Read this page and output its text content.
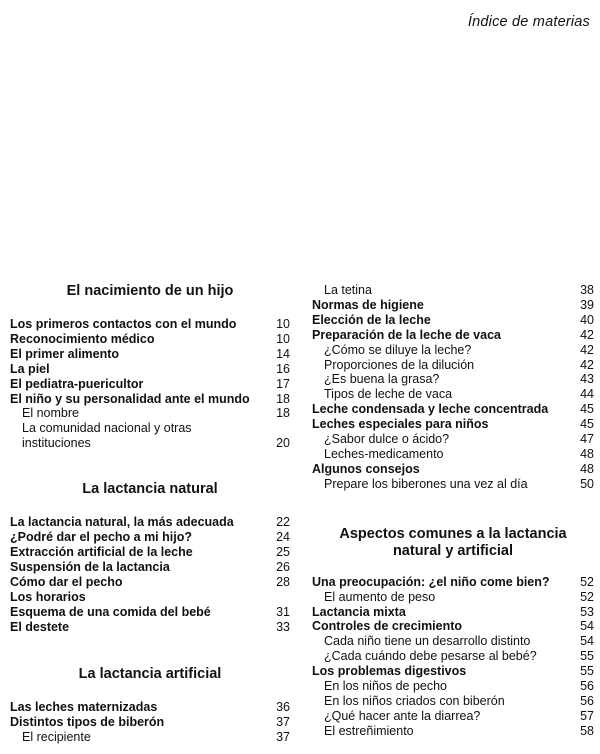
Índice de materias
El nacimiento de un hijo
Los primeros contactos con el mundo	10
Reconocimiento médico	10
El primer alimento	14
La piel	16
El pediatra-puericultor	17
El niño y su personalidad ante el mundo	18
El nombre	18
La comunidad nacional y otras
instituciones	20
La lactancia natural
La lactancia natural, la más adecuada	22
¿Podré dar el pecho a mi hijo?	24
Extracción artificial de la leche	25
Suspensión de la lactancia	26
Cómo dar el pecho	28
Los horarios
Esquema de una comida del bebé	31
El destete	33
La lactancia artificial
Las leches maternizadas	36
Distintos tipos de biberón	37
El recipiente	37
La tetina	38
Normas de higiene	39
Elección de la leche	40
Preparación de la leche de vaca	42
¿Cómo se diluye la leche?	42
Proporciones de la dilución	42
¿Es buena la grasa?	43
Tipos de leche de vaca	44
Leche condensada y leche concentrada	45
Leches especiales para niños	45
¿Sabor dulce o ácido?	47
Leches-medicamento	48
Algunos consejos	48
Prepare los biberones una vez al día	50
Aspectos comunes a la lactancia
natural y artificial
Una preocupación: ¿el niño come bien?	52
El aumento de peso	52
Lactancia mixta	53
Controles de crecimiento	54
Cada niño tiene un desarrollo distinto	54
¿Cada cuándo debe pesarse al bebé?	55
Los problemas digestivos	55
En los niños de pecho	56
En los niños criados con biberón	56
¿Qué hacer ante la diarrea?	57
El estreñimiento	58
